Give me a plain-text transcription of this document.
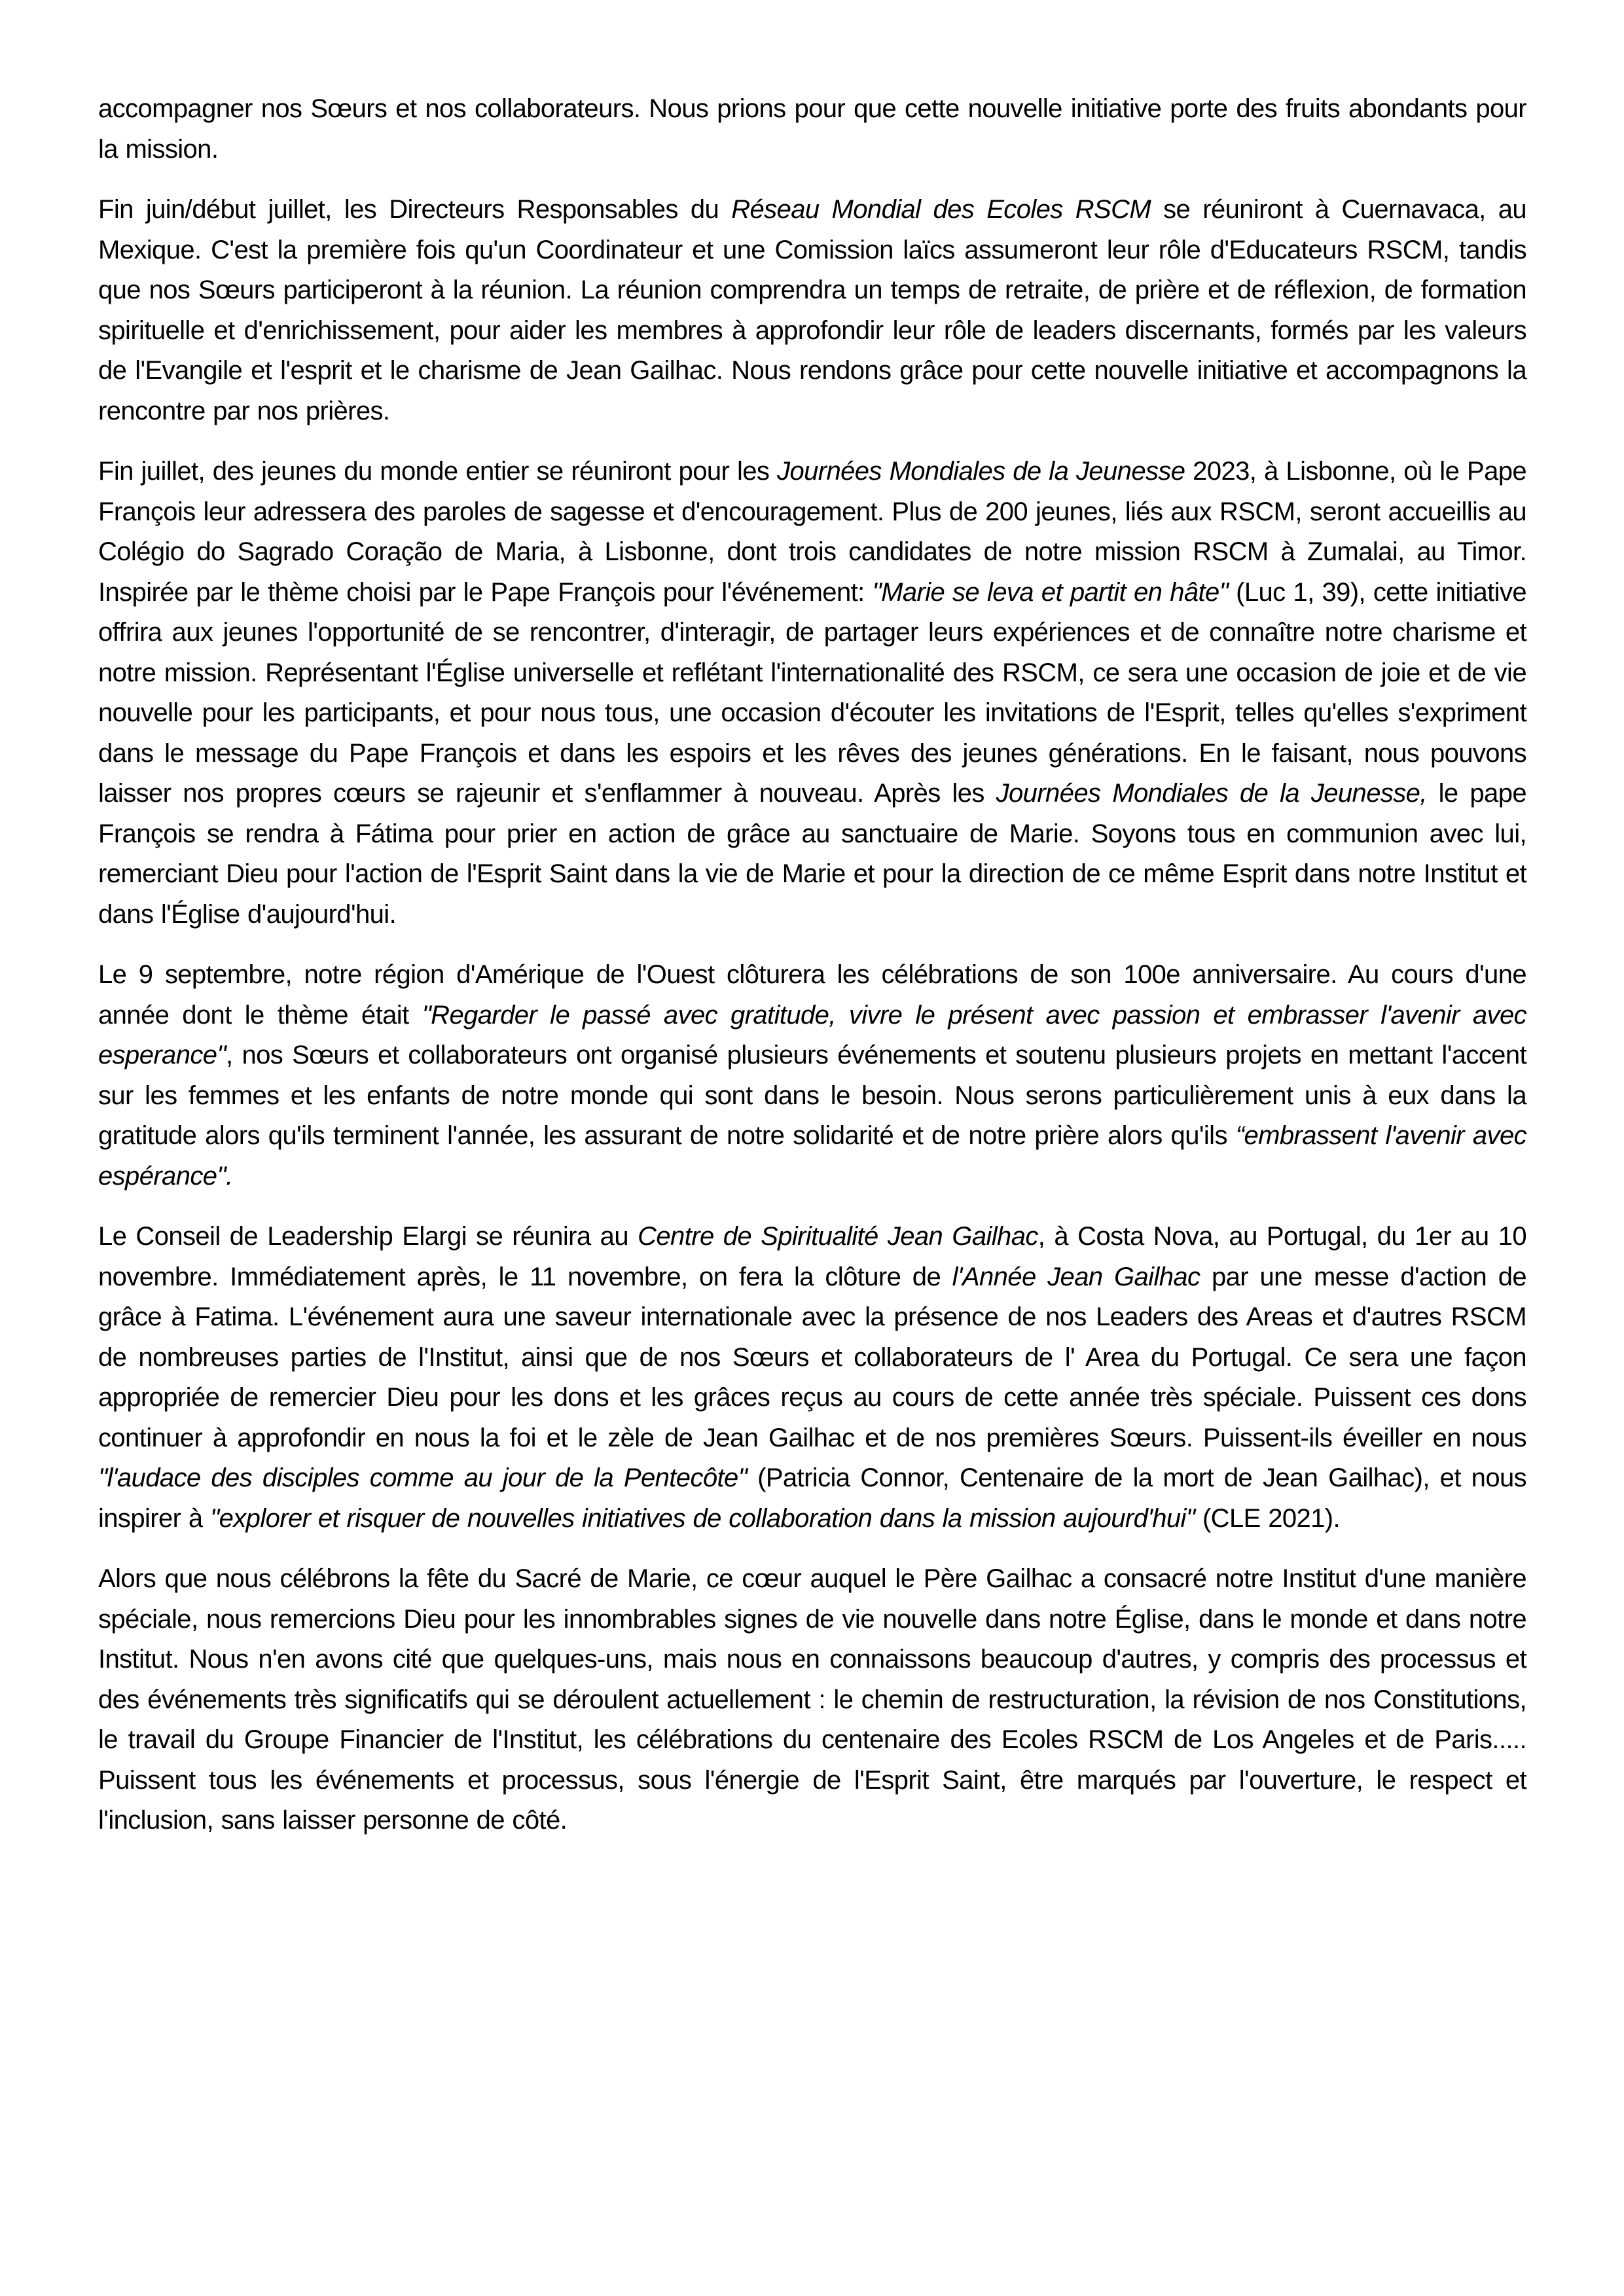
accompagner nos Sœurs et nos collaborateurs. Nous prions pour que cette nouvelle initiative porte des fruits abondants pour la mission.

Fin juin/début juillet, les Directeurs Responsables du Réseau Mondial des Ecoles RSCM se réuniront à Cuernavaca, au Mexique. C'est la première fois qu'un Coordinateur et une Comission laïcs assumeront leur rôle d'Educateurs RSCM, tandis que nos Sœurs participeront à la réunion. La réunion comprendra un temps de retraite, de prière et de réflexion, de formation spirituelle et d'enrichissement, pour aider les membres à approfondir leur rôle de leaders discernants, formés par les valeurs de l'Evangile et l'esprit et le charisme de Jean Gailhac. Nous rendons grâce pour cette nouvelle initiative et accompagnons la rencontre par nos prières.

Fin juillet, des jeunes du monde entier se réuniront pour les Journées Mondiales de la Jeunesse 2023, à Lisbonne, où le Pape François leur adressera des paroles de sagesse et d'encouragement. Plus de 200 jeunes, liés aux RSCM, seront accueillis au Colégio do Sagrado Coração de Maria, à Lisbonne, dont trois candidates de notre mission RSCM à Zumalai, au Timor. Inspirée par le thème choisi par le Pape François pour l'événement: "Marie se leva et partit en hâte" (Luc 1, 39), cette initiative offrira aux jeunes l'opportunité de se rencontrer, d'interagir, de partager leurs expériences et de connaître notre charisme et notre mission. Représentant l'Église universelle et reflétant l'internationalité des RSCM, ce sera une occasion de joie et de vie nouvelle pour les participants, et pour nous tous, une occasion d'écouter les invitations de l'Esprit, telles qu'elles s'expriment dans le message du Pape François et dans les espoirs et les rêves des jeunes générations. En le faisant, nous pouvons laisser nos propres cœurs se rajeunir et s'enflammer à nouveau. Après les Journées Mondiales de la Jeunesse, le pape François se rendra à Fátima pour prier en action de grâce au sanctuaire de Marie. Soyons tous en communion avec lui, remerciant Dieu pour l'action de l'Esprit Saint dans la vie de Marie et pour la direction de ce même Esprit dans notre Institut et dans l'Église d'aujourd'hui.

Le 9 septembre, notre région d'Amérique de l'Ouest clôturera les célébrations de son 100e anniversaire. Au cours d'une année dont le thème était "Regarder le passé avec gratitude, vivre le présent avec passion et embrasser l'avenir avec esperance", nos Sœurs et collaborateurs ont organisé plusieurs événements et soutenu plusieurs projets en mettant l'accent sur les femmes et les enfants de notre monde qui sont dans le besoin. Nous serons particulièrement unis à eux dans la gratitude alors qu'ils terminent l'année, les assurant de notre solidarité et de notre prière alors qu'ils “embrassent l'avenir avec espérance".

Le Conseil de Leadership Elargi se réunira au Centre de Spiritualité Jean Gailhac, à Costa Nova, au Portugal, du 1er au 10 novembre. Immédiatement après, le 11 novembre, on fera la clôture de l'Année Jean Gailhac par une messe d'action de grâce à Fatima. L'événement aura une saveur internationale avec la présence de nos Leaders des Areas et d'autres RSCM de nombreuses parties de l'Institut, ainsi que de nos Sœurs et collaborateurs de l' Area du Portugal. Ce sera une façon appropriée de remercier Dieu pour les dons et les grâces reçus au cours de cette année très spéciale. Puissent ces dons continuer à approfondir en nous la foi et le zèle de Jean Gailhac et de nos premières Sœurs. Puissent-ils éveiller en nous "l'audace des disciples comme au jour de la Pentecôte" (Patricia Connor, Centenaire de la mort de Jean Gailhac), et nous inspirer à "explorer et risquer de nouvelles initiatives de collaboration dans la mission aujourd'hui" (CLE 2021).

Alors que nous célébrons la fête du Sacré de Marie, ce cœur auquel le Père Gailhac a consacré notre Institut d'une manière spéciale, nous remercions Dieu pour les innombrables signes de vie nouvelle dans notre Église, dans le monde et dans notre Institut. Nous n'en avons cité que quelques-uns, mais nous en connaissons beaucoup d'autres, y compris des processus et des événements très significatifs qui se déroulent actuellement : le chemin de restructuration, la révision de nos Constitutions, le travail du Groupe Financier de l'Institut, les célébrations du centenaire des Ecoles RSCM de Los Angeles et de Paris..... Puissent tous les événements et processus, sous l'énergie de l'Esprit Saint, être marqués par l'ouverture, le respect et l'inclusion, sans laisser personne de côté.
